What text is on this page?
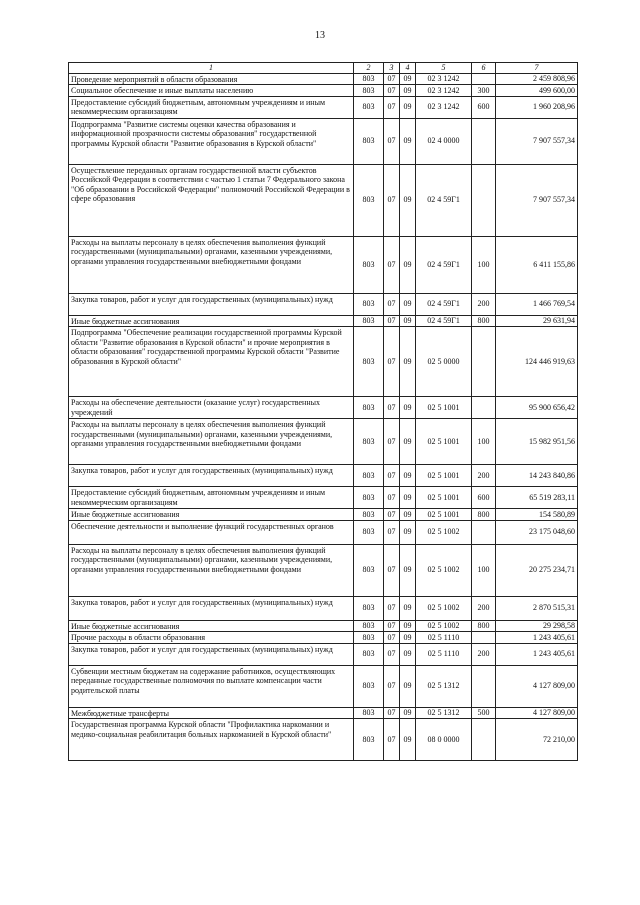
13
1	2	3	4	5	6	7
Проведение мероприятий в области образования	803	07	09	02 3 1242		2 459 808,96
Социальное обеспечение и иные выплаты населению	803	07	09	02 3 1242	300	499 600,00
Предоставление субсидий бюджетным, автономным учреждениям и иным некоммерческим организациям	803	07	09	02 3 1242	600	1 960 208,96
Подпрограмма "Развитие системы оценки качества образования и информационной прозрачности системы образования" государственной программы Курской области "Развитие образования в Курской области"	803	07	09	02 4 0000		7 907 557,34
Осуществление переданных органам государственной власти субъектов Российской Федерации в соответствии с частью 1 статьи 7 Федерального закона "Об образовании в Российской Федерации" полномочий Российской Федерации в сфере образования	803	07	09	02 4 59Г1		7 907 557,34
Расходы на выплаты персоналу в целях обеспечения выполнения функций государственными (муниципальными) органами, казенными учреждениями, органами управления государственными внебюджетными фондами	803	07	09	02 4 59Г1	100	6 411 155,86
Закупка товаров, работ и услуг для государственных (муниципальных) нужд	803	07	09	02 4 59Г1	200	1 466 769,54
Иные бюджетные ассигнования	803	07	09	02 4 59Г1	800	29 631,94
Подпрограмма "Обеспечение реализации государственной программы Курской области "Развитие образования в Курской области" и прочие мероприятия в области образования" государственной программы Курской области "Развитие образования в Курской области"	803	07	09	02 5 0000		124 446 919,63
Расходы на обеспечение деятельности (оказание услуг) государственных учреждений	803	07	09	02 5 1001		95 900 656,42
Расходы на выплаты персоналу в целях обеспечения выполнения функций государственными (муниципальными) органами, казенными учреждениями, органами управления государственными внебюджетными фондами	803	07	09	02 5 1001	100	15 982 951,56
Закупка товаров, работ и услуг для государственных (муниципальных) нужд	803	07	09	02 5 1001	200	14 243 840,86
Предоставление субсидий бюджетным, автономным учреждениям и иным некоммерческим организациям	803	07	09	02 5 1001	600	65 519 283,11
Иные бюджетные ассигнования	803	07	09	02 5 1001	800	154 580,89
Обеспечение деятельности и выполнение функций государственных органов	803	07	09	02 5 1002		23 175 048,60
Расходы на выплаты персоналу в целях обеспечения выполнения функций государственными (муниципальными) органами, казенными учреждениями, органами управления государственными внебюджетными фондами	803	07	09	02 5 1002	100	20 275 234,71
Закупка товаров, работ и услуг для государственных (муниципальных) нужд	803	07	09	02 5 1002	200	2 870 515,31
Иные бюджетные ассигнования	803	07	09	02 5 1002	800	29 298,58
Прочие расходы в области образования	803	07	09	02 5 1110		1 243 405,61
Закупка товаров, работ и услуг для государственных (муниципальных) нужд	803	07	09	02 5 1110	200	1 243 405,61
Субвенции местным бюджетам на содержание работников, осуществляющих переданные государственные полномочия по выплате компенсации части родительской платы	803	07	09	02 5 1312		4 127 809,00
Межбюджетные трансферты	803	07	09	02 5 1312	500	4 127 809,00
Государственная программа Курской области "Профилактика наркомании и медико-социальная реабилитация больных наркоманией в Курской области"	803	07	09	08 0 0000		72 210,00
